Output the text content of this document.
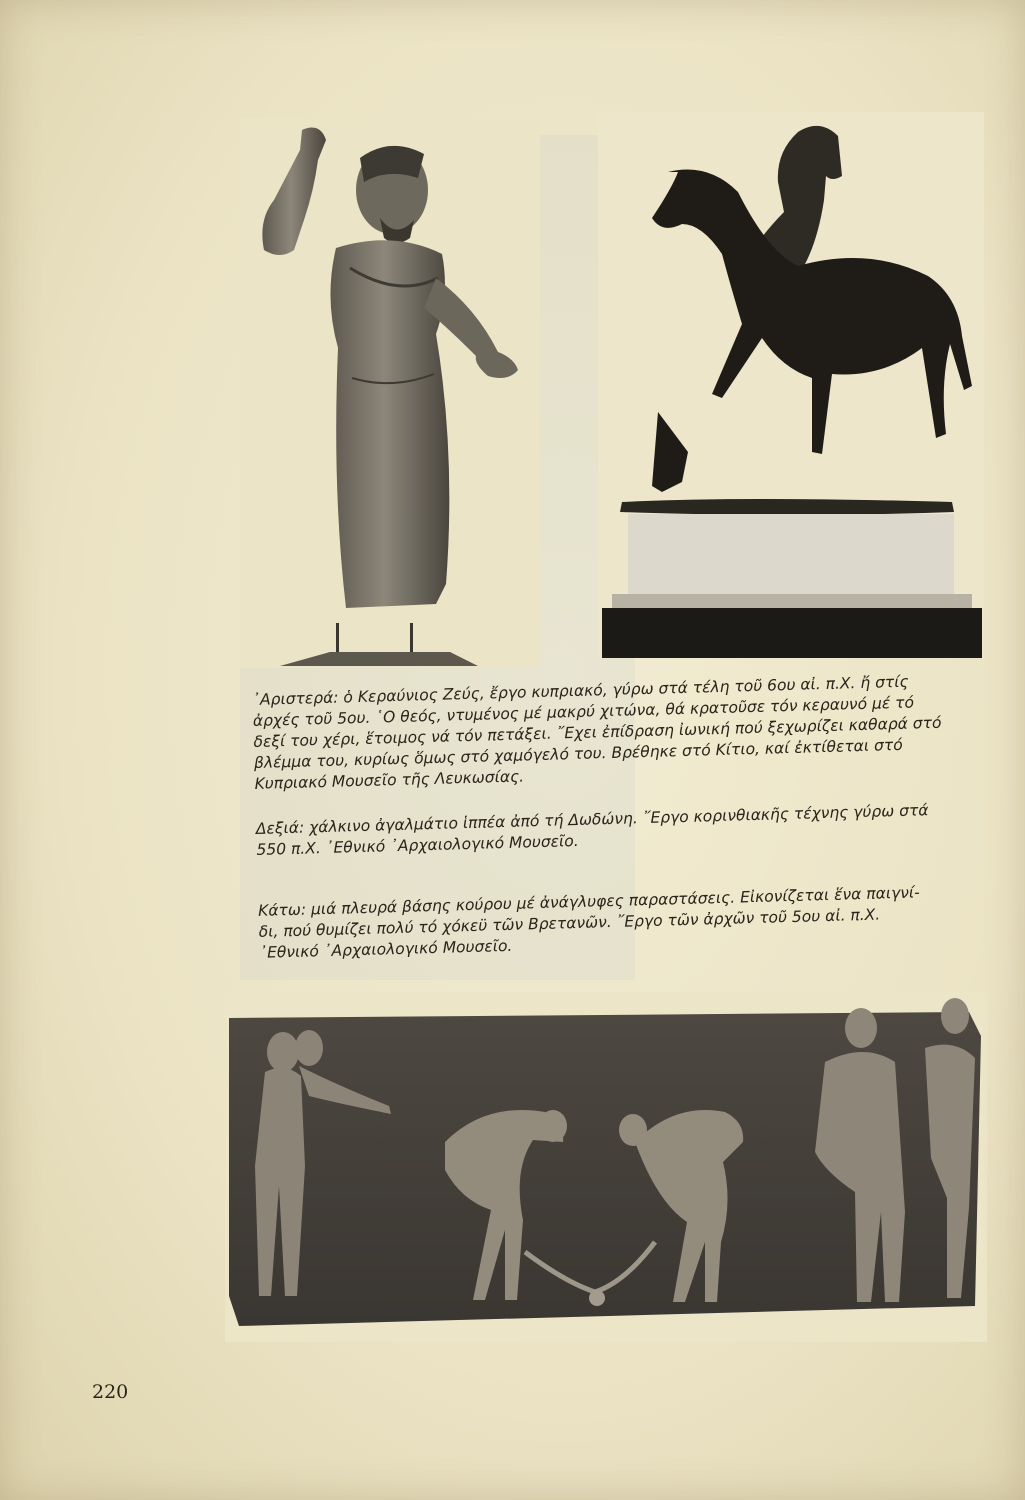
᾿Αριστερά: ὁ Κεραύνιος Ζεύς, ἔργο κυπριακό, γύρω στά τέλη τοῦ 6ου αἰ. π.Χ. ἤ στίς
ἀρχές τοῦ 5ου. ῾Ο θεός, ντυμένος μέ μακρύ χιτώνα, θά κρατοῦσε τόν κεραυνό μέ τό
δεξί του χέρι, ἕτοιμος νά τόν πετάξει. ῎Εχει ἐπίδραση ἰωνική πού ξεχωρίζει καθαρά στό
βλέμμα του, κυρίως ὅμως στό χαμόγελό του. Βρέθηκε στό Κίτιο, καί ἐκτίθεται στό
Κυπριακό Μουσεῖο τῆς Λευκωσίας.

Δεξιά: χάλκινο ἀγαλμάτιο ἱππέα ἀπό τή Δωδώνη. ῎Εργο κορινθιακῆς τέχνης γύρω στά
550 π.Χ. ᾿Εθνικό ᾿Αρχαιολογικό Μουσεῖο.

Κάτω: μιά πλευρά βάσης κούρου μέ ἀνάγλυφες παραστάσεις. Εἰκονίζεται ἕνα παιγνί-
δι, πού θυμίζει πολύ τό χόκεϋ τῶν Βρετανῶν. ῎Εργο τῶν ἀρχῶν τοῦ 5ου αἰ. π.Χ.
᾿Εθνικό ᾿Αρχαιολογικό Μουσεῖο.

220
